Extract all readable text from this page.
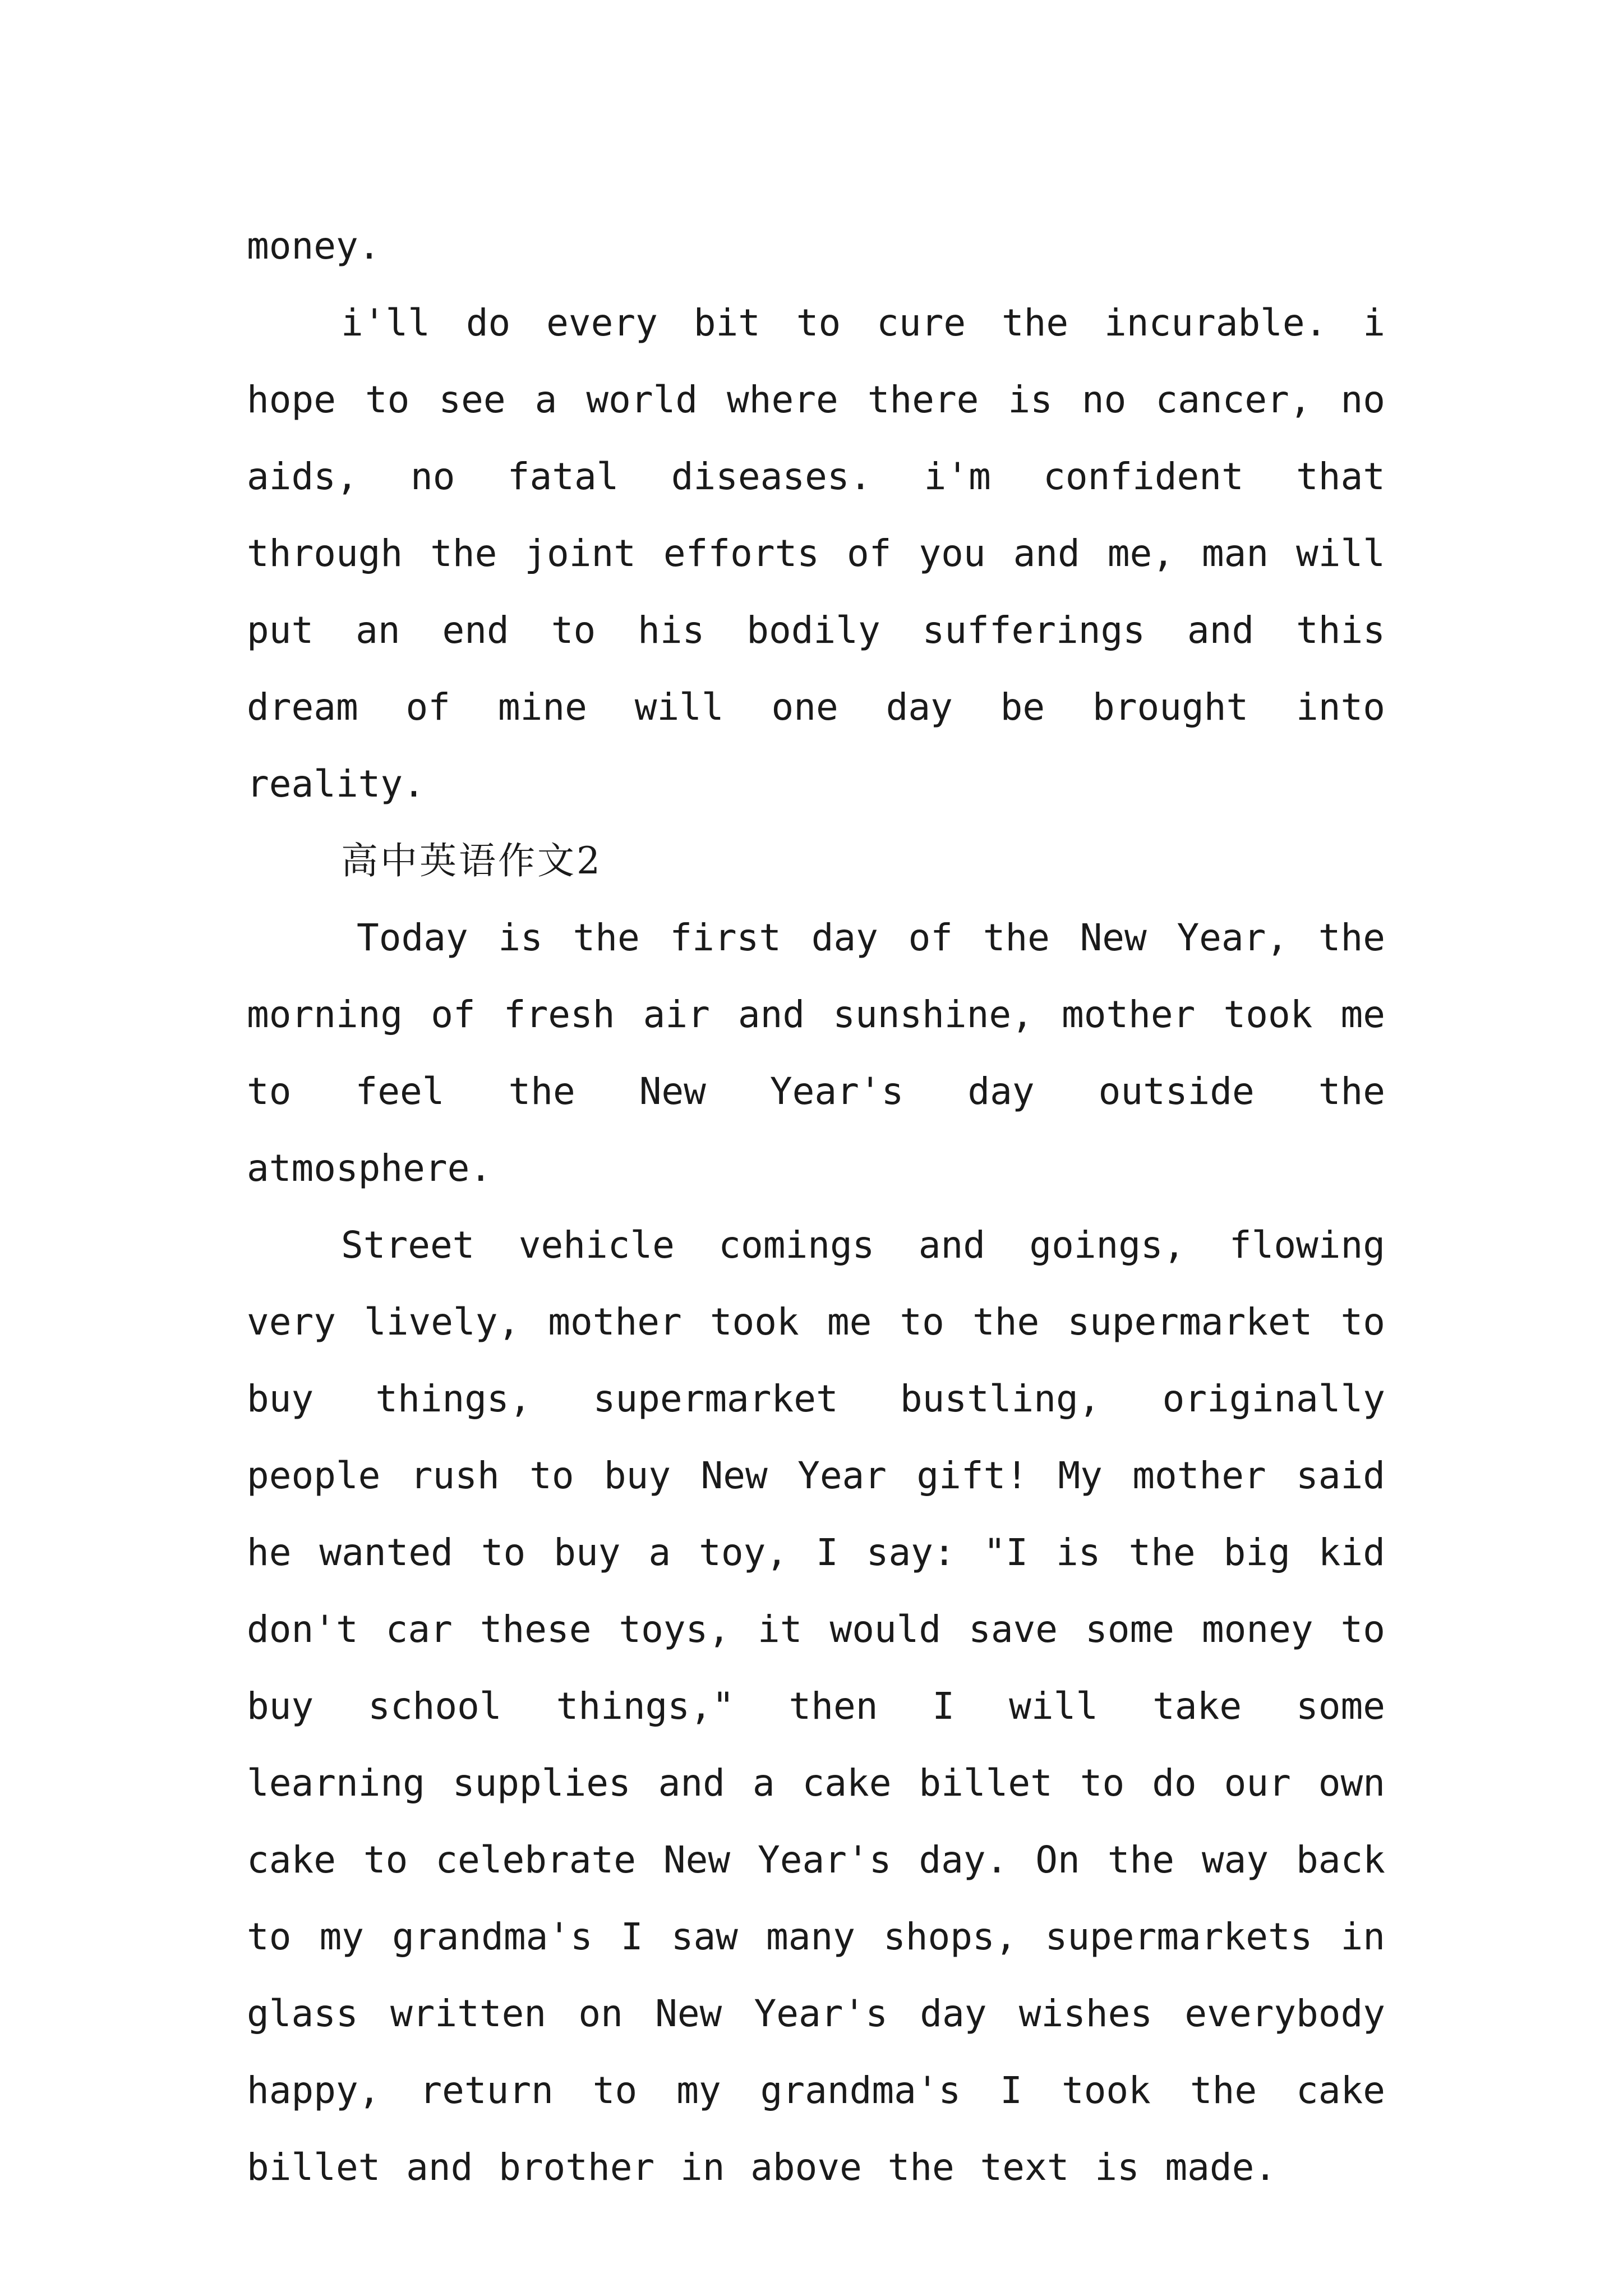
money.

i'll do every bit to cure the incurable. i hope to see a world where there is no cancer, no aids, no fatal diseases. i'm confident that through the joint efforts of you and me, man will put an end to his bodily sufferings and this dream of mine will one day be brought into reality.

高中英语作文2

Today is the first day of the New Year, the morning of fresh air and sunshine, mother took me to feel the New Year's day outside the atmosphere.

Street vehicle comings and goings, flowing very lively, mother took me to the supermarket to buy things, supermarket bustling, originally people rush to buy New Year gift! My mother said he wanted to buy a toy, I say: "I is the big kid don't car these toys, it would save some money to buy school things," then I will take some learning supplies and a cake billet to do our own cake to celebrate New Year's day. On the way back to my grandma's I saw many shops, supermarkets in glass written on New Year's day wishes everybody happy, return to my grandma's I took the cake billet and brother in above the text is made.
